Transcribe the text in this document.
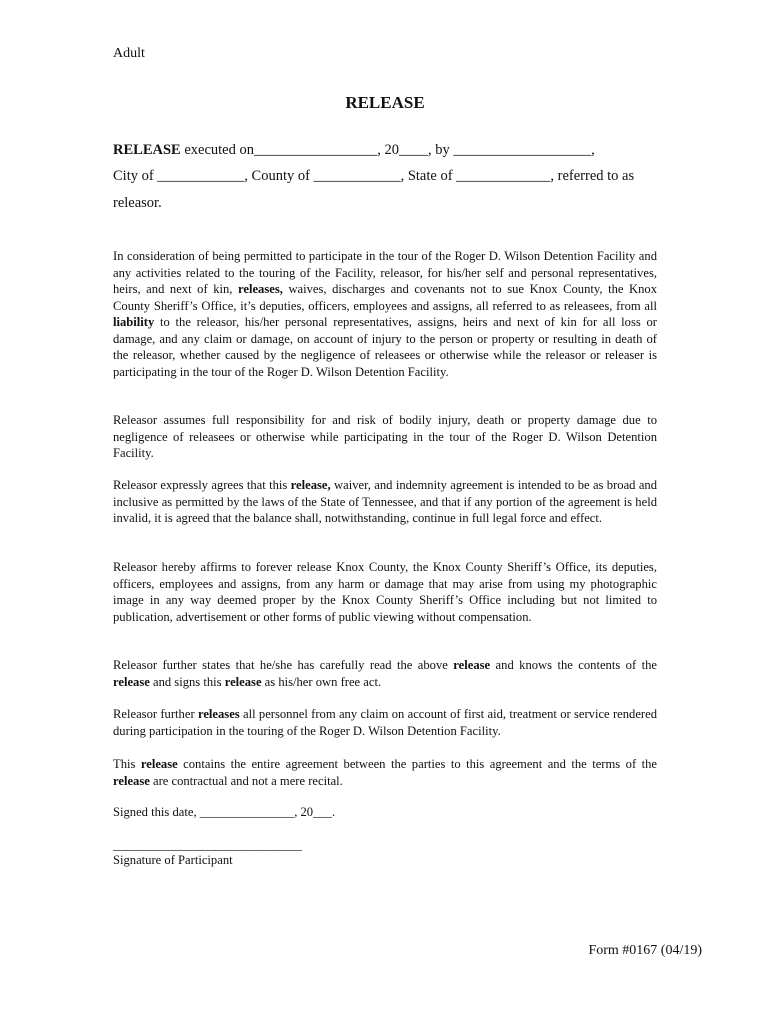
Adult
RELEASE
RELEASE executed on_________________, 20____, by ___________________,
City of ____________, County of ____________, State of _____________, referred to as
releasor.

In consideration of being permitted to participate in the tour of the Roger D. Wilson Detention Facility and any activities related to the touring of the Facility, releasor, for his/her self and personal representatives, heirs, and next of kin, releases, waives, discharges and covenants not to sue Knox County, the Knox County Sheriff’s Office, it’s deputies, officers, employees and assigns, all referred to as releasees, from all liability to the releasor, his/her personal representatives, assigns, heirs and next of kin for all loss or damage, and any claim or damage, on account of injury to the person or property or resulting in death of the releasor, whether caused by the negligence of releasees or otherwise while the releasor or releaser is participating in the tour of the Roger D. Wilson Detention Facility.

Releasor assumes full responsibility for and risk of bodily injury, death or property damage due to negligence of releasees or otherwise while participating in the tour of the Roger D. Wilson Detention Facility.

Releasor expressly agrees that this release, waiver, and indemnity agreement is intended to be as broad and inclusive as permitted by the laws of the State of Tennessee, and that if any portion of the agreement is held invalid, it is agreed that the balance shall, notwithstanding, continue in full legal force and effect.

Releasor hereby affirms to forever release Knox County, the Knox County Sheriff’s Office, its deputies, officers, employees and assigns, from any harm or damage that may arise from using my photographic image in any way deemed proper by the Knox County Sheriff’s Office including but not limited to publication, advertisement or other forms of public viewing without compensation.

Releasor further states that he/she has carefully read the above release and knows the contents of the release and signs this release as his/her own free act.

Releasor further releases all personnel from any claim on account of first aid, treatment or service rendered during participation in the touring of the Roger D. Wilson Detention Facility.

This release contains the entire agreement between the parties to this agreement and the terms of the release are contractual and not a mere recital.

Signed this date, _______________, 20___.
______________________________
Signature of Participant
Form #0167 (04/19)
